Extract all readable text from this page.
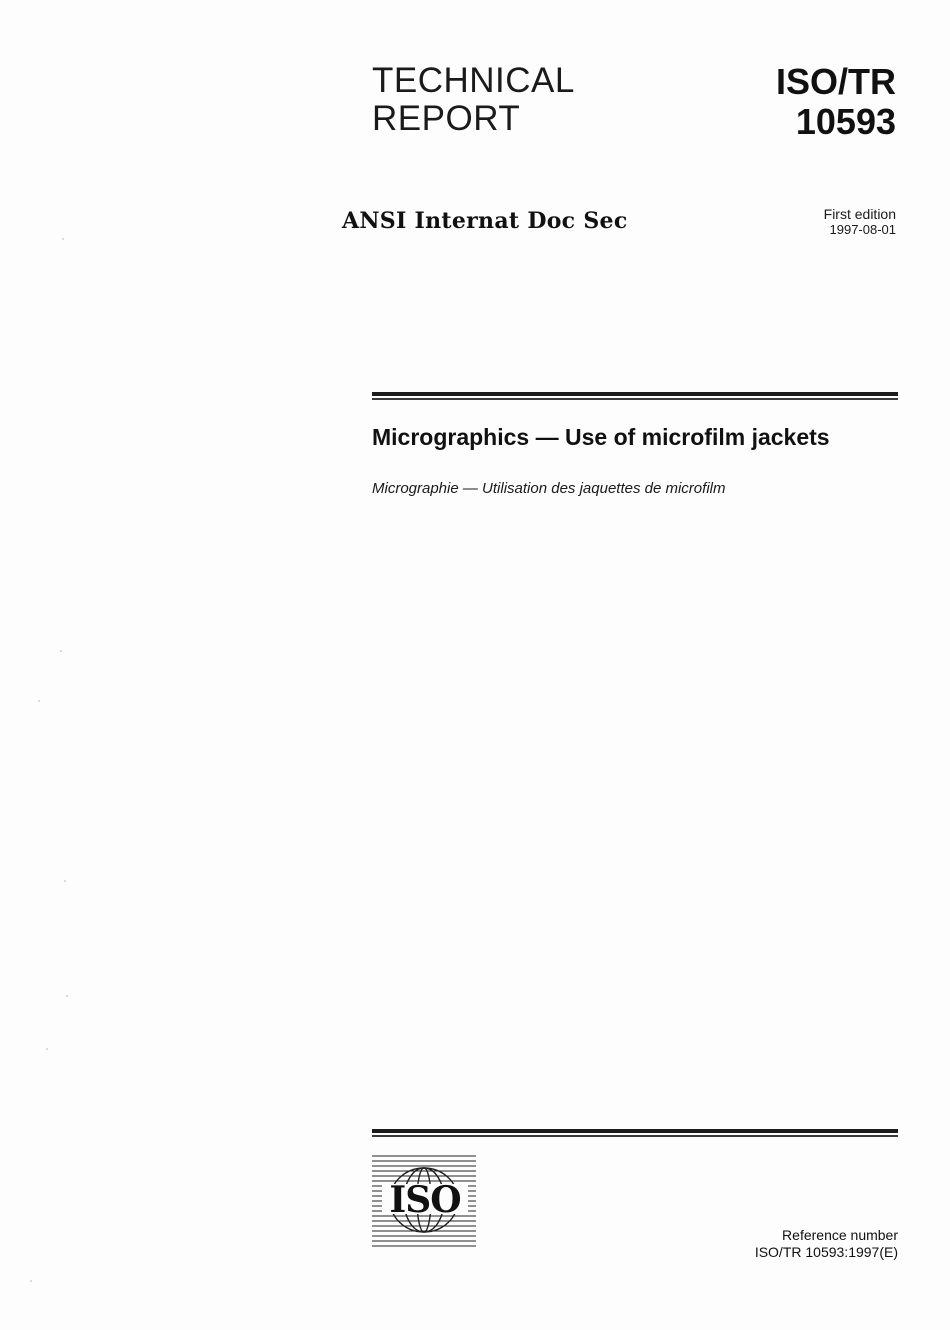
TECHNICAL
REPORT
ISO/TR
10593
ANSI Internat Doc Sec	First edition
1997-08-01
Micrographics — Use of microfilm jackets
Micrographie — Utilisation des jaquettes de microfilm
ISO
Reference number
ISO/TR 10593:1997(E)
